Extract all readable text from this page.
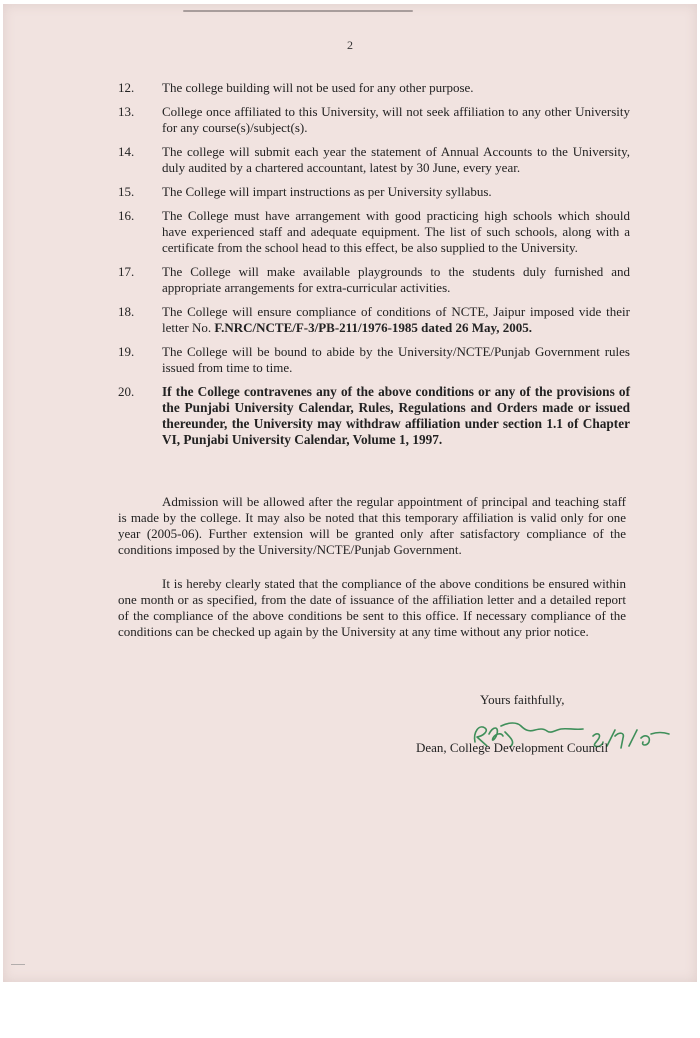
2
12.	The college building will not be used for any other purpose.
13.	College once affiliated to this University, will not seek affiliation to any other University for any course(s)/subject(s).
14.	The college will submit each year the statement of Annual Accounts to the University, duly audited by a chartered accountant, latest by 30 June, every year.
15.	The College will impart instructions as per University syllabus.
16.	The College must have arrangement with good practicing high schools which should have experienced staff and adequate equipment. The list of such schools, along with a certificate from the school head to this effect, be also supplied to the University.
17.	The College will make available playgrounds to the students duly furnished and appropriate arrangements for extra-curricular activities.
18.	The College will ensure compliance of conditions of NCTE, Jaipur imposed vide their letter No. F.NRC/NCTE/F-3/PB-211/1976-1985 dated 26 May, 2005.
19.	The College will be bound to abide by the University/NCTE/Punjab Government rules issued from time to time.
20.	If the College contravenes any of the above conditions or any of the provisions of the Punjabi University Calendar, Rules, Regulations and Orders made or issued thereunder, the University may withdraw affiliation under section 1.1 of Chapter VI, Punjabi University Calendar, Volume 1, 1997.
Admission will be allowed after the regular appointment of principal and teaching staff is made by the college. It may also be noted that this temporary affiliation is valid only for one year (2005-06). Further extension will be granted only after satisfactory compliance of the conditions imposed by the University/NCTE/Punjab Government.
It is hereby clearly stated that the compliance of the above conditions be ensured within one month or as specified, from the date of issuance of the affiliation letter and a detailed report of the compliance of the above conditions be sent to this office. If necessary compliance of the conditions can be checked up again by the University at any time without any prior notice.
Yours faithfully,
Dean, College Development Council
